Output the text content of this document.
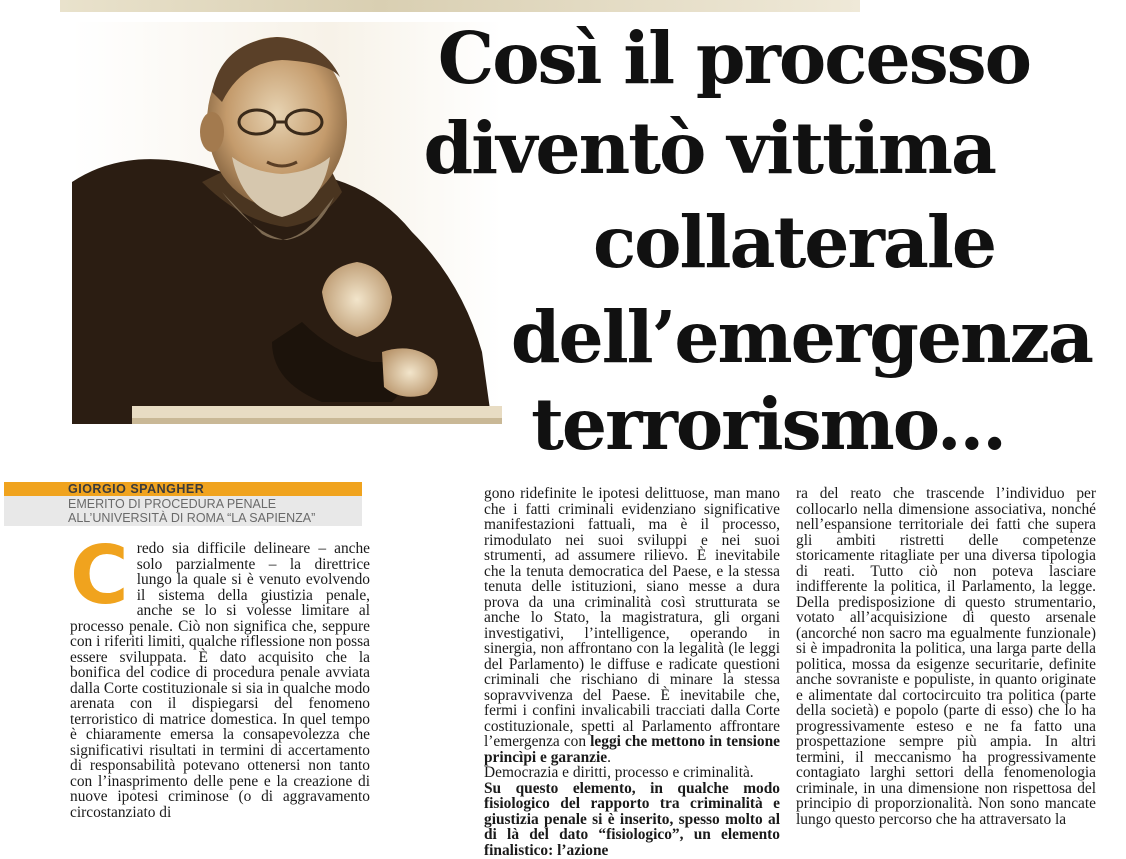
Così il processo
diventò vittima
collaterale
dell’emergenza
terrorismo...
GIORGIO SPANGHER
EMERITO DI PROCEDURA PENALE ALL’UNIVERSITÀ DI ROMA “LA SAPIENZA”
C redo sia difficile delineare – anche solo parzialmente – la direttrice lungo la quale si è venuto evolvendo il sistema della giustizia penale, anche se lo si volesse limitare al processo penale. Ciò non significa che, seppure con i riferiti limiti, qualche riflessione non possa essere sviluppata. È dato acquisito che la bonifica del codice di procedura penale avviata dalla Corte costituzionale si sia in qualche modo arenata con il dispiegarsi del fenomeno terroristico di matrice domestica. In quel tempo è chiaramente emersa la consapevolezza che significativi risultati in termini di accertamento di responsabilità potevano ottenersi non tanto con l’inasprimento delle pene e la creazione di nuove ipotesi criminose (o di aggravamento circostanziato di

gono ridefinite le ipotesi delittuose, man mano che i fatti criminali evidenziano significative manifestazioni fattuali, ma è il processo, rimodulato nei suoi sviluppi e nei suoi strumenti, ad assumere rilievo. È inevitabile che la tenuta democratica del Paese, e la stessa tenuta delle istituzioni, siano messe a dura prova da una criminalità così strutturata se anche lo Stato, la magistratura, gli organi investigativi, l’intelligence, operando in sinergia, non affrontano con la legalità (le leggi del Parlamento) le diffuse e radicate questioni criminali che rischiano di minare la stessa sopravvivenza del Paese. È inevitabile che, fermi i confini invalicabili tracciati dalla Corte costituzionale, spetti al Parlamento affrontare l’emergenza con leggi che mettono in tensione princìpi e garanzie.

Democrazia e diritti, processo e criminalità.

Su questo elemento, in qualche modo fisiologico del rapporto tra criminalità e giustizia penale si è inserito, spesso molto al di là del dato “fisiologico”, un elemento finalistico: l’azione

ra del reato che trascende l’individuo per collocarlo nella dimensione associativa, nonché nell’espansione territoriale dei fatti che supera gli ambiti ristretti delle competenze storicamente ritagliate per una diversa tipologia di reati. Tutto ciò non poteva lasciare indifferente la politica, il Parlamento, la legge. Della predisposizione di questo strumentario, votato all’acquisizione di questo arsenale (ancorché non sacro ma egualmente funzionale) si è impadronita la politica, una larga parte della politica, mossa da esigenze securitarie, definite anche sovraniste e populiste, in quanto originate e alimentate dal cortocircuito tra politica (parte della società) e popolo (parte di esso) che lo ha progressivamente esteso e ne fa fatto una prospettazione sempre più ampia. In altri termini, il meccanismo ha progressivamente contagiato larghi settori della fenomenologia criminale, in una dimensione non rispettosa del principio di proporzionalità. Non sono mancate lungo questo percorso che ha attraversato la
